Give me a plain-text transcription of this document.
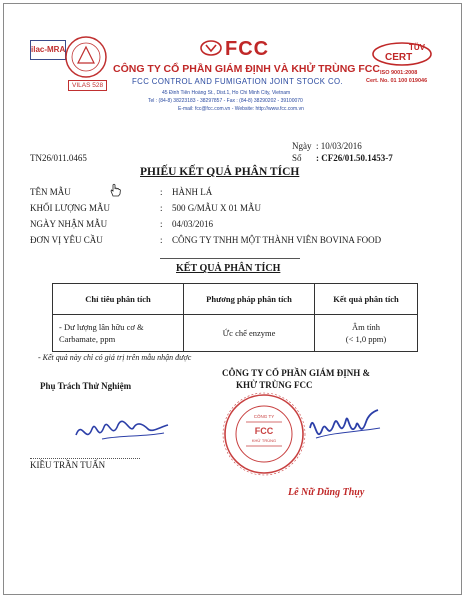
ilac-MRA
VILAS 528
FCC
CÔNG TY CỔ PHẦN GIÁM ĐỊNH VÀ KHỬ TRÙNG FCC
FCC CONTROL AND FUMIGATION JOINT STOCK CO.
45 Đinh Tiên Hoàng St., Dist.1, Ho Chi Minh City, Vietnam
Tel : (84-8) 38223183 - 38297857 - Fax : (84-8) 38290202 - 39100070
E-mail: fcc@fcc.com.vn - Website: http://www.fcc.com.vn
TÜV
CERT
ISO 9001:2008
Cert. No. 01 100 019046
Ngày : 10/03/2016
Số : CF26/01.50.1453-7
TN26/011.0465
PHIẾU KẾT QUẢ PHÂN TÍCH
TÊN MẪU	: HÀNH LÁ
KHỐI LƯỢNG MẪU	: 500 G/MẪU X 01 MẪU
NGÀY NHẬN MẪU	: 04/03/2016
ĐƠN VỊ YÊU CẦU	: CÔNG TY TNHH MỘT THÀNH VIÊN BOVINA FOOD
KẾT QUẢ PHÂN TÍCH
Chỉ tiêu phân tích	Phương pháp phân tích	Kết quả phân tích
- Dư lượng lân hữu cơ &
Carbamate, ppm	Ức chế enzyme	Âm tính
(< 1,0 ppm)
- Kết quả này chỉ có giá trị trên mẫu nhận được
Phụ Trách Thử Nghiệm
CÔNG TY CỔ PHẦN GIÁM ĐỊNH &
KHỬ TRÙNG FCC
KIỀU TRẦN TUẤN
FCC
CÔNG TY
KHỬ TRÙNG
Lê Nữ Dũng Thụy
